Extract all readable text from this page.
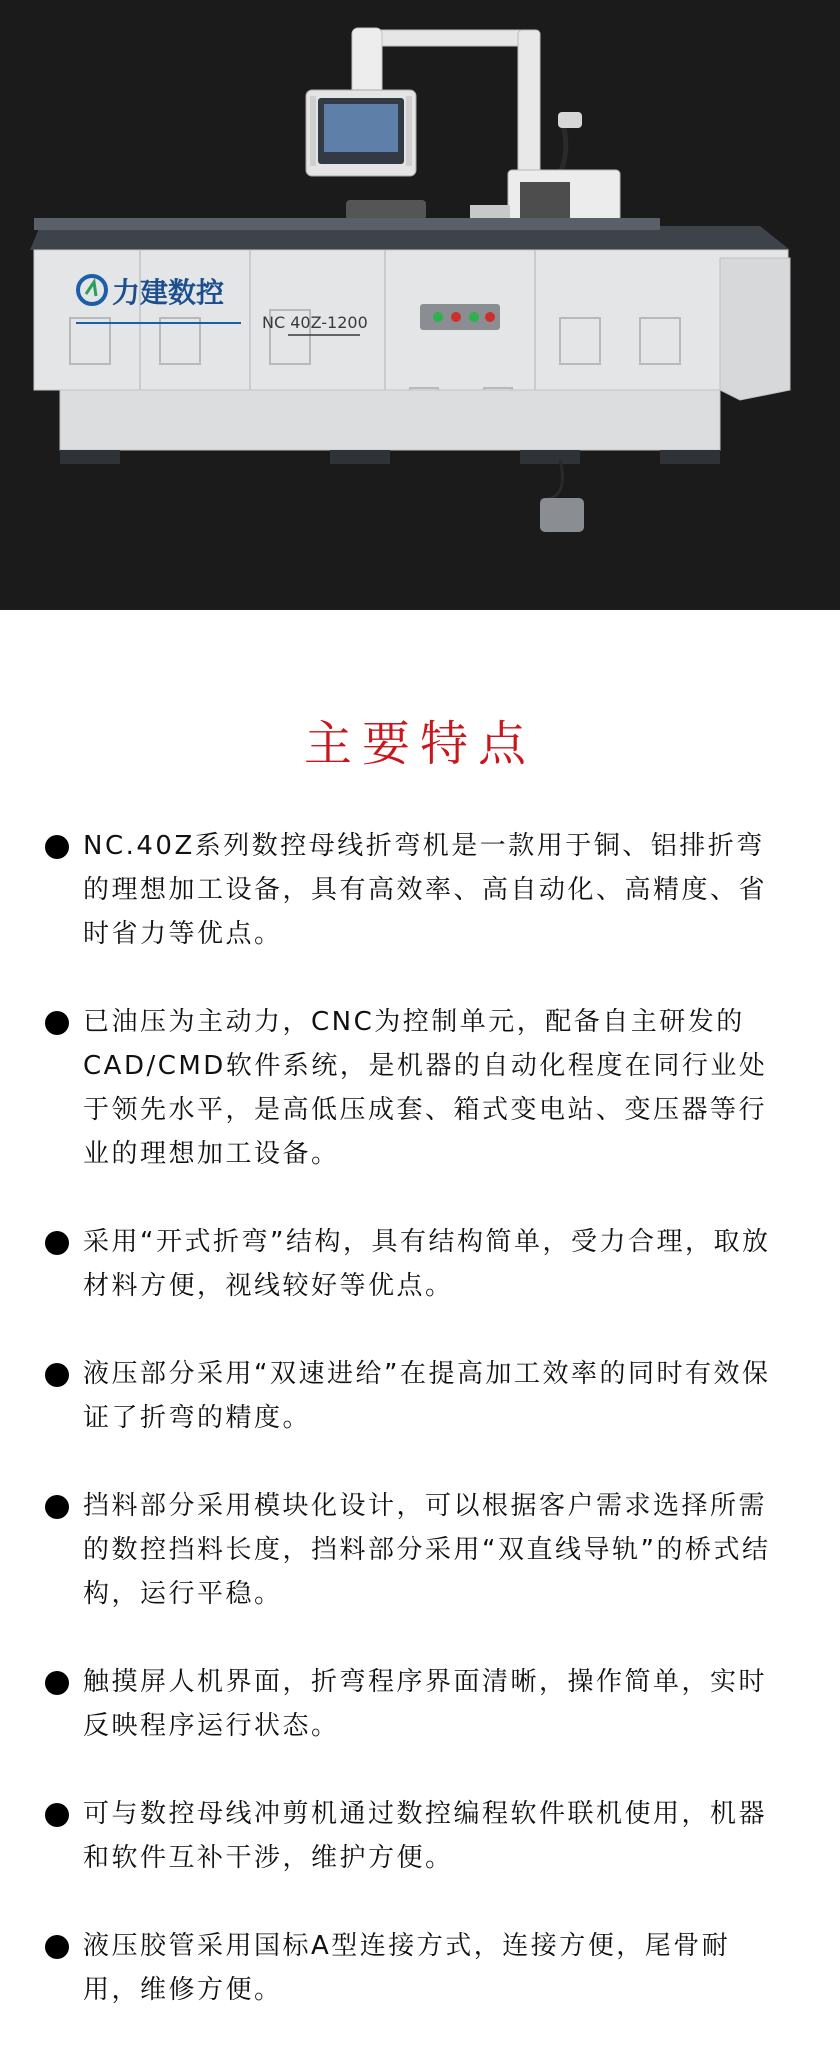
力建数控
NC 40Z-1200
主要特点
NC.40Z系列数控母线折弯机是一款用于铜、铝排折弯的理想加工设备，具有高效率、高自动化、高精度、省时省力等优点。
已油压为主动力，CNC为控制单元，配备自主研发的CAD/CMD软件系统，是机器的自动化程度在同行业处于领先水平，是高低压成套、箱式变电站、变压器等行业的理想加工设备。
采用“开式折弯”结构，具有结构简单，受力合理，取放材料方便，视线较好等优点。
液压部分采用“双速进给”在提高加工效率的同时有效保证了折弯的精度。
挡料部分采用模块化设计，可以根据客户需求选择所需的数控挡料长度，挡料部分采用“双直线导轨”的桥式结构，运行平稳。
触摸屏人机界面，折弯程序界面清晰，操作简单，实时反映程序运行状态。
可与数控母线冲剪机通过数控编程软件联机使用，机器和软件互补干涉，维护方便。
液压胶管采用国标A型连接方式，连接方便，尾骨耐用，维修方便。
